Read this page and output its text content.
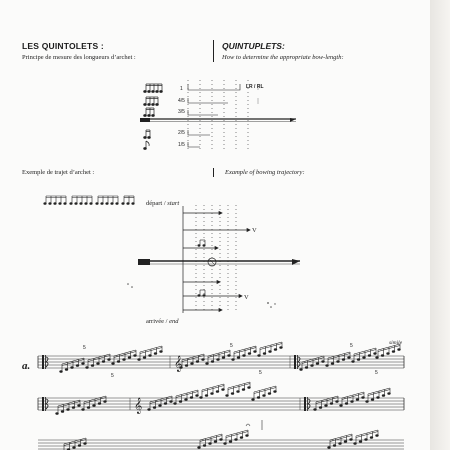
LES QUINTOLETS :
Principe de mesure des longueurs d’archet :
QUINTUPLETS:
How to determine the appropriate bow-length:
1
4/5
3/5
2/5
1/5
LR / RL
Exemple de trajet d’archet :	Example of bowing trajectory:
départ / start
arrivée / end
V
V
a.
simile
𝄞
𝄞
5
5
5
5
5
5
